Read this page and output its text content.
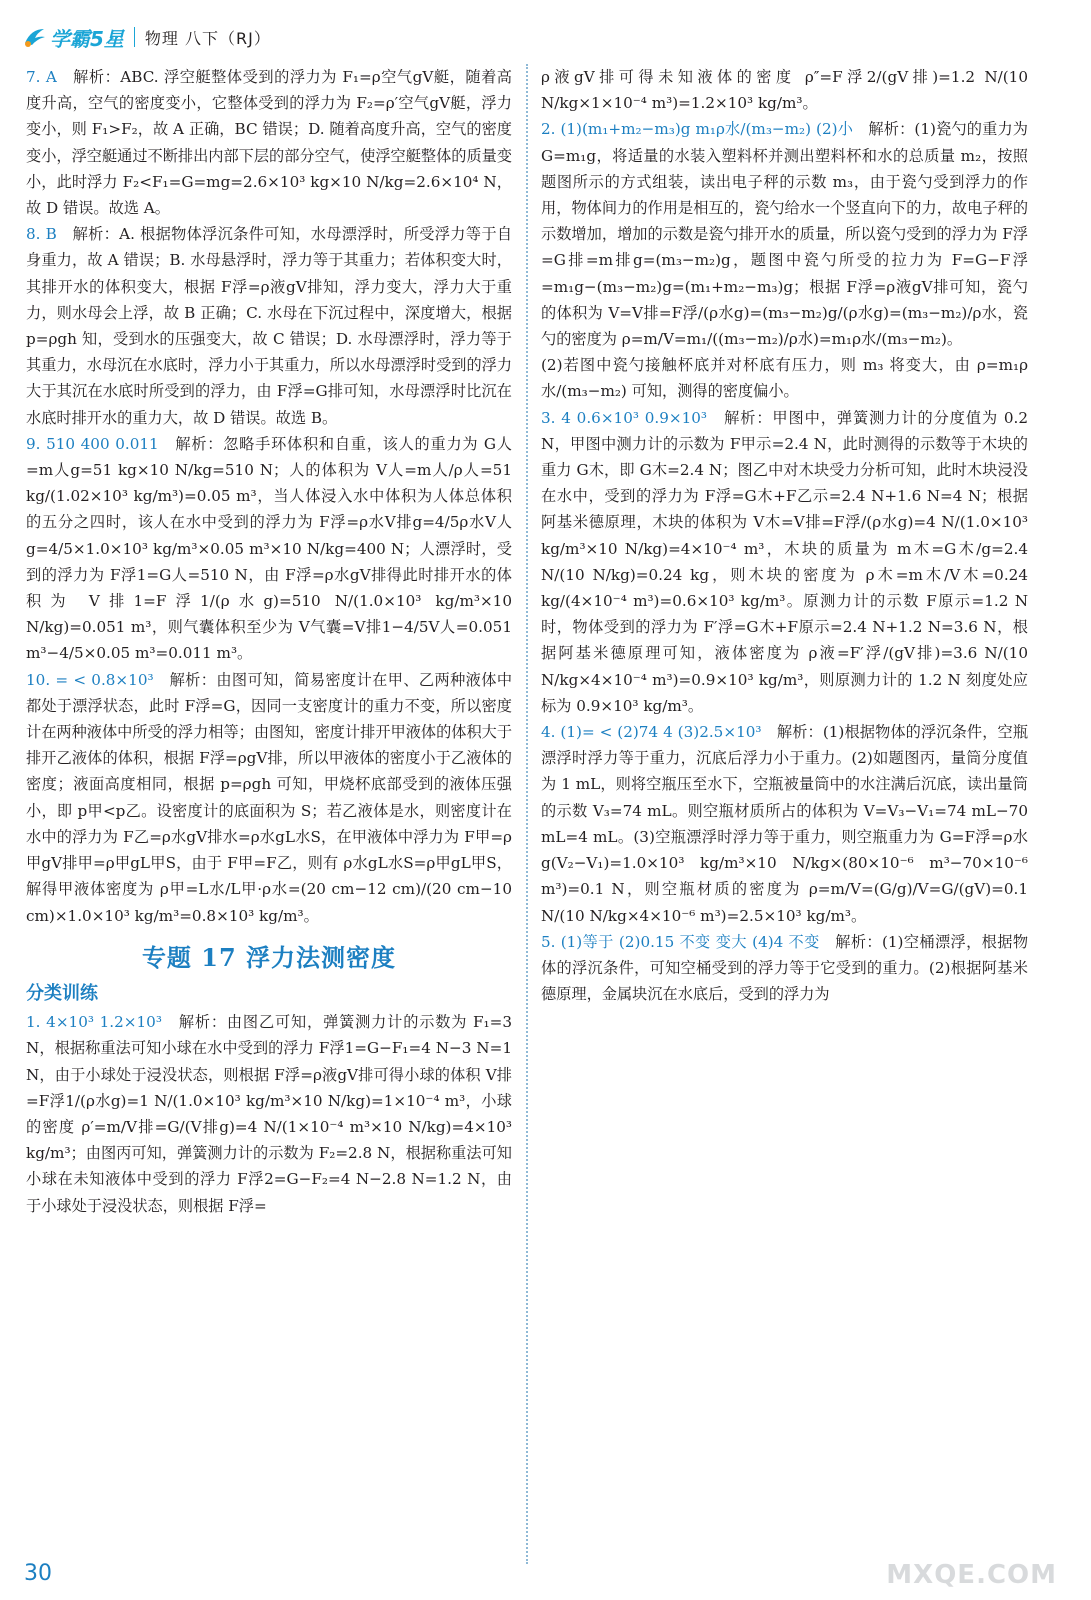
学霸5星 物理 八下（RJ）

7. A　 解析：ABC. 浮空艇整体受到的浮力为 F₁=ρ空气gV艇，随着高度升高，空气的密度变小，它整体受到的浮力为 F₂=ρ′空气gV艇，浮力变小，则 F₁>F₂，故 A 正确，BC 错误；D. 随着高度升高，空气的密度变小，浮空艇通过不断排出内部下层的部分空气，使浮空艇整体的质量变小，此时浮力 F₂<F₁=G=mg=2.6×10³ kg×10 N/kg=2.6×10⁴ N，故 D 错误。故选 A。

8. B　 解析：A. 根据物体浮沉条件可知，水母漂浮时，所受浮力等于自身重力，故 A 错误；B. 水母悬浮时，浮力等于其重力；若体积变大时，其排开水的体积变大，根据 F浮=ρ液gV排知，浮力变大，浮力大于重力，则水母会上浮，故 B 正确；C. 水母在下沉过程中，深度增大，根据 p=ρgh 知，受到水的压强变大，故 C 错误；D. 水母漂浮时，浮力等于其重力，水母沉在水底时，浮力小于其重力，所以水母漂浮时受到的浮力大于其沉在水底时所受到的浮力，由 F浮=G排可知，水母漂浮时比沉在水底时排开水的重力大，故 D 错误。故选 B。

9. 510 400 0.011　 解析：忽略手环体积和自重，该人的重力为 G人=m人g=51 kg×10 N/kg=510 N；人的体积为 V人=m人/ρ人=51 kg/(1.02×10³ kg/m³)=0.05 m³，当人体浸入水中体积为人体总体积的五分之四时，该人在水中受到的浮力为 F浮=ρ水V排g=4/5ρ水V人g=4/5×1.0×10³ kg/m³×0.05 m³×10 N/kg=400 N；人漂浮时，受到的浮力为 F浮1=G人=510 N，由 F浮=ρ水gV排得此时排开水的体积为 V排1=F浮1/(ρ水g)=510 N/(1.0×10³ kg/m³×10 N/kg)=0.051 m³，则气囊体积至少为 V气囊=V排1−4/5V人=0.051 m³−4/5×0.05 m³=0.011 m³。

10. = < 0.8×10³　 解析：由图可知，简易密度计在甲、乙两种液体中都处于漂浮状态，此时 F浮=G，因同一支密度计的重力不变，所以密度计在两种液体中所受的浮力相等；由图知，密度计排开甲液体的体积大于排开乙液体的体积，根据 F浮=ρgV排，所以甲液体的密度小于乙液体的密度；液面高度相同，根据 p=ρgh 可知，甲烧杯底部受到的液体压强小，即 p甲<p乙。设密度计的底面积为 S；若乙液体是水，则密度计在水中的浮力为 F乙=ρ水gV排水=ρ水gL水S，在甲液体中浮力为 F甲=ρ甲gV排甲=ρ甲gL甲S，由于 F甲=F乙，则有 ρ水gL水S=ρ甲gL甲S，解得甲液体密度为 ρ甲=L水/L甲·ρ水=(20 cm−12 cm)/(20 cm−10 cm)×1.0×10³ kg/m³=0.8×10³ kg/m³。

专题 17 浮力法测密度
分类训练

1. 4×10³ 1.2×10³　 解析：由图乙可知，弹簧测力计的示数为 F₁=3 N，根据称重法可知小球在水中受到的浮力 F浮1=G−F₁=4 N−3 N=1 N，由于小球处于浸没状态，则根据 F浮=ρ液gV排可得小球的体积 V排=F浮1/(ρ水g)=1 N/(1.0×10³ kg/m³×10 N/kg)=1×10⁻⁴ m³，小球的密度 ρ′=m/V排=G/(V排g)=4 N/(1×10⁻⁴ m³×10 N/kg)=4×10³ kg/m³；由图丙可知，弹簧测力计的示数为 F₂=2.8 N，根据称重法可知小球在未知液体中受到的浮力 F浮2=G−F₂=4 N−2.8 N=1.2 N，由于小球处于浸没状态，则根据 F浮=

ρ液gV排可得未知液体的密度 ρ″=F浮2/(gV排)=1.2 N/(10 N/kg×1×10⁻⁴ m³)=1.2×10³ kg/m³。

2. (1)(m₁+m₂−m₃)g m₁ρ水/(m₃−m₂) (2)小　 解析：(1)瓷勺的重力为 G=m₁g，将适量的水装入塑料杯并测出塑料杯和水的总质量 m₂，按照题图所示的方式组装，读出电子秤的示数 m₃，由于瓷勺受到浮力的作用，物体间力的作用是相互的，瓷勺给水一个竖直向下的力，故电子秤的示数增加，增加的示数是瓷勺排开水的质量，所以瓷勺受到的浮力为 F浮=G排=m排g=(m₃−m₂)g，题图中瓷勺所受的拉力为 F=G−F浮=m₁g−(m₃−m₂)g=(m₁+m₂−m₃)g；根据 F浮=ρ液gV排可知，瓷勺的体积为 V=V排=F浮/(ρ水g)=(m₃−m₂)g/(ρ水g)=(m₃−m₂)/ρ水，瓷勺的密度为 ρ=m/V=m₁/((m₃−m₂)/ρ水)=m₁ρ水/(m₃−m₂)。

(2)若图中瓷勺接触杯底并对杯底有压力，则 m₃ 将变大，由 ρ=m₁ρ水/(m₃−m₂) 可知，测得的密度偏小。

3. 4 0.6×10³ 0.9×10³　 解析：甲图中，弹簧测力计的分度值为 0.2 N，甲图中测力计的示数为 F甲示=2.4 N，此时测得的示数等于木块的重力 G木，即 G木=2.4 N；图乙中对木块受力分析可知，此时木块浸没在水中，受到的浮力为 F浮=G木+F乙示=2.4 N+1.6 N=4 N；根据阿基米德原理，木块的体积为 V木=V排=F浮/(ρ水g)=4 N/(1.0×10³ kg/m³×10 N/kg)=4×10⁻⁴ m³，木块的质量为 m木=G木/g=2.4 N/(10 N/kg)=0.24 kg，则木块的密度为 ρ木=m木/V木=0.24 kg/(4×10⁻⁴ m³)=0.6×10³ kg/m³。原测力计的示数 F原示=1.2 N 时，物体受到的浮力为 F′浮=G木+F原示=2.4 N+1.2 N=3.6 N，根据阿基米德原理可知，液体密度为 ρ液=F′浮/(gV排)=3.6 N/(10 N/kg×4×10⁻⁴ m³)=0.9×10³ kg/m³，则原测力计的 1.2 N 刻度处应标为 0.9×10³ kg/m³。

4. (1)= < (2)74 4 (3)2.5×10³　 解析：(1)根据物体的浮沉条件，空瓶漂浮时浮力等于重力，沉底后浮力小于重力。(2)如题图丙，量筒分度值为 1 mL，则将空瓶压至水下，空瓶被量筒中的水注满后沉底，读出量筒的示数 V₃=74 mL。则空瓶材质所占的体积为 V=V₃−V₁=74 mL−70 mL=4 mL。(3)空瓶漂浮时浮力等于重力，则空瓶重力为 G=F浮=ρ水g(V₂−V₁)=1.0×10³ kg/m³×10 N/kg×(80×10⁻⁶ m³−70×10⁻⁶ m³)=0.1 N，则空瓶材质的密度为 ρ=m/V=(G/g)/V=G/(gV)=0.1 N/(10 N/kg×4×10⁻⁶ m³)=2.5×10³ kg/m³。

5. (1)等于 (2)0.15 不变 变大 (4)4 不变　 解析：(1)空桶漂浮，根据物体的浮沉条件，可知空桶受到的浮力等于它受到的重力。(2)根据阿基米德原理，金属块沉在水底后，受到的浮力为

30	MXQE.COM
